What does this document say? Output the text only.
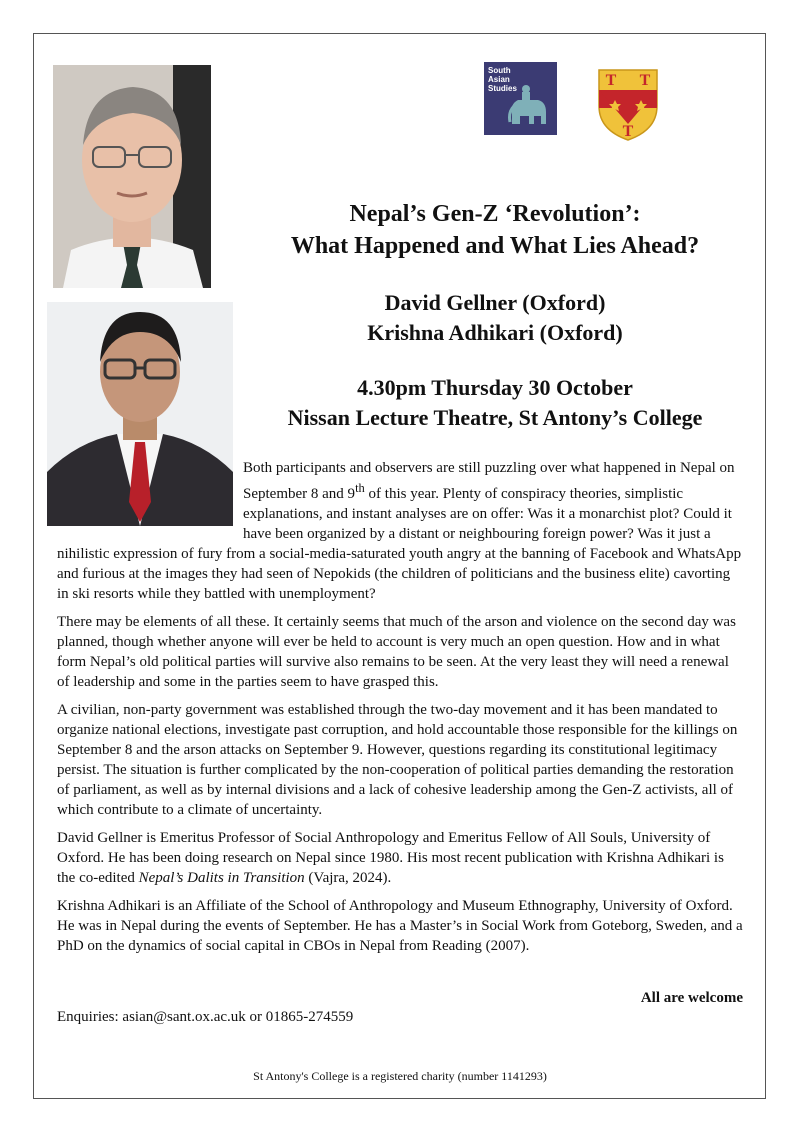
South
Asian
Studies	T T
T
Nepal’s Gen-Z ‘Revolution’:
What Happened and What Lies Ahead?
David Gellner (Oxford)
Krishna Adhikari (Oxford)
4.30pm Thursday 30 October
Nissan Lecture Theatre, St Antony’s College

Both participants and observers are still puzzling over what happened in Nepal on September 8 and 9th of this year. Plenty of conspiracy theories, simplistic explanations, and instant analyses are on offer: Was it a monarchist plot? Could it have been organized by a distant or neighbouring foreign power? Was it just a nihilistic expression of fury from a social-media-saturated youth angry at the banning of Facebook and WhatsApp and furious at the images they had seen of Nepokids (the children of politicians and the business elite) cavorting in ski resorts while they battled with unemployment?

There may be elements of all these. It certainly seems that much of the arson and violence on the second day was planned, though whether anyone will ever be held to account is very much an open question. How and in what form Nepal’s old political parties will survive also remains to be seen. At the very least they will need a renewal of leadership and some in the parties seem to have grasped this.

A civilian, non-party government was established through the two-day movement and it has been mandated to organize national elections, investigate past corruption, and hold accountable those responsible for the killings on September 8 and the arson attacks on September 9. However, questions regarding its constitutional legitimacy persist. The situation is further complicated by the non-cooperation of political parties demanding the restoration of parliament, as well as by internal divisions and a lack of cohesive leadership among the Gen-Z activists, all of which contribute to a climate of uncertainty.

David Gellner is Emeritus Professor of Social Anthropology and Emeritus Fellow of All Souls, University of Oxford. He has been doing research on Nepal since 1980. His most recent publication with Krishna Adhikari is the co-edited Nepal’s Dalits in Transition (Vajra, 2024).

Krishna Adhikari is an Affiliate of the School of Anthropology and Museum Ethnography, University of Oxford. He was in Nepal during the events of September. He has a Master’s in Social Work from Goteborg, Sweden, and a PhD on the dynamics of social capital in CBOs in Nepal from Reading (2007).

All are welcome
Enquiries: asian@sant.ox.ac.uk or 01865-274559
St Antony's College is a registered charity (number 1141293)
